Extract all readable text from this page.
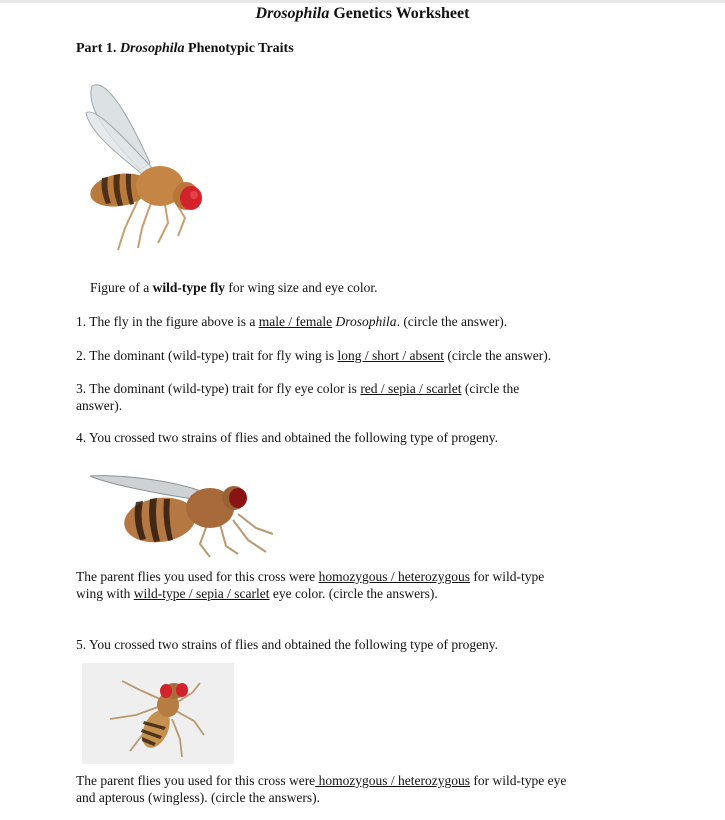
Drosophila Genetics Worksheet
Part 1. Drosophila Phenotypic Traits
Figure of a wild-type fly for wing size and eye color.
1. The fly in the figure above is a male / female Drosophila. (circle the answer).
2. The dominant (wild-type) trait for fly wing is long / short / absent (circle the answer).
3. The dominant (wild-type) trait for fly eye color is red / sepia / scarlet (circle the
answer).
4. You crossed two strains of flies and obtained the following type of progeny.
The parent flies you used for this cross were homozygous / heterozygous for wild-type
wing with wild-type / sepia / scarlet eye color. (circle the answers).
5. You crossed two strains of flies and obtained the following type of progeny.
The parent flies you used for this cross were homozygous / heterozygous for wild-type eye
and apterous (wingless). (circle the answers).
